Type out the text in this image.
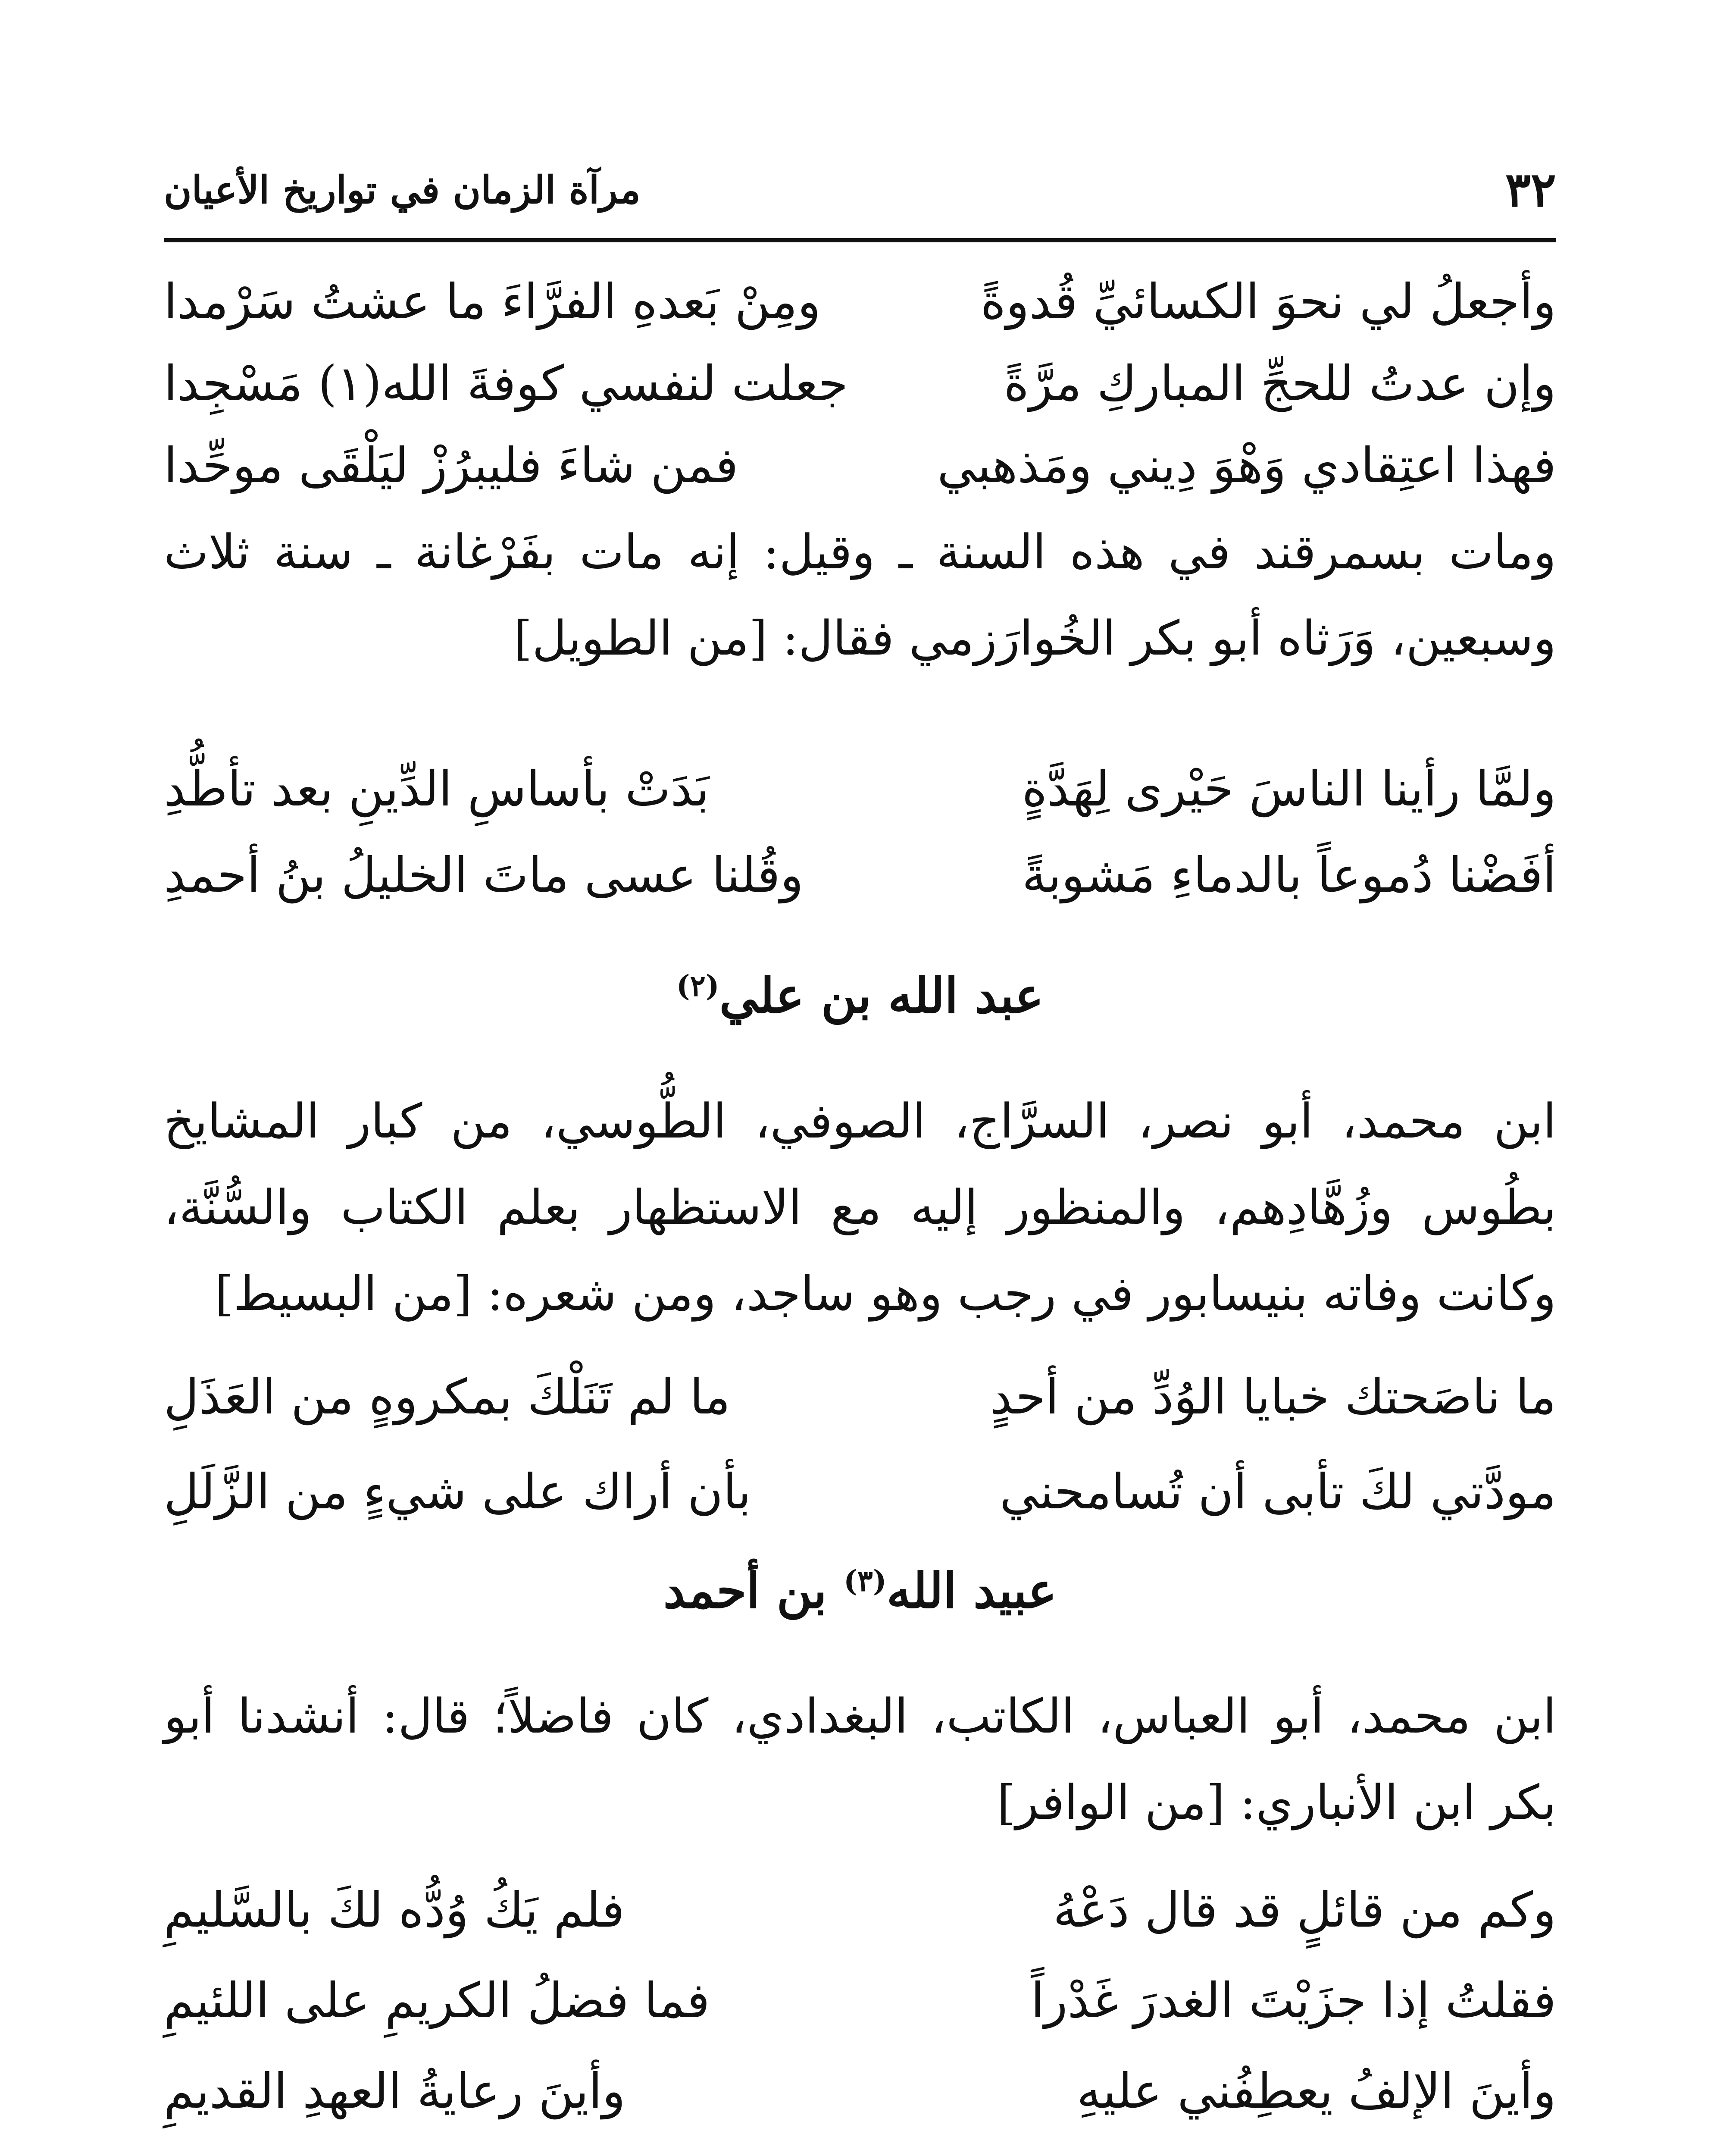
٣٢
مرآة الزمان في تواريخ الأعيان
وأجعلُ لي نحوَ الكسائيِّ قُدوةً
ومِنْ بَعدهِ الفرَّاءَ ما عشتُ سَرْمدا
وإن عدتُ للحجِّ المباركِ مرَّةً
جعلت لنفسي كوفةَ الله(١) مَسْجِدا
فهذا اعتِقادي وَهْوَ دِيني ومَذهبي
فمن شاءَ فليبرُزْ ليَلْقَى موحِّدا
ومات بسمرقند في هذه السنة ـ وقيل: إنه مات بفَرْغانة ـ سنة ثلاث وسبعين، وَرَثاه أبو بكر الخُوارَزمي فقال: [من الطويل]
ولمَّا رأينا الناسَ حَيْرى لِهَدَّةٍ
بَدَتْ بأساسِ الدِّينِ بعد تأطُّدِ
أفَضْنا دُموعاً بالدماءِ مَشوبةً
وقُلنا عسى ماتَ الخليلُ بنُ أحمدِ
عبد الله بن علي$^{(٢)}$
ابن محمد، أبو نصر، السرَّاج، الصوفي، الطُّوسي، من كبار المشايخ بطُوس وزُهَّادِهم، والمنظور إليه مع الاستظهار بعلم الكتاب والسُّنَّة، وكانت وفاته بنيسابور في رجب وهو ساجد، ومن شعره: [من البسيط]
ما ناصَحتك خبايا الوُدِّ من أحدٍ
ما لم تَنَلْكَ بمكروهٍ من العَذَلِ
مودَّتي لكَ تأبى أن تُسامحني
بأن أراك على شيءٍ من الزَّلَلِ
عبيد الله$^{(٣)}$ بن أحمد
ابن محمد، أبو العباس، الكاتب، البغدادي، كان فاضلاً؛ قال: أنشدنا أبو بكر ابن الأنباري: [من الوافر]
وكم من قائلٍ قد قال دَعْهُ
فلم يَكُ وُدُّه لكَ بالسَّليمِ
فقلتُ إذا جزَيْتَ الغدرَ غَدْراً
فما فضلُ الكريمِ على اللئيمِ
وأينَ الإلفُ يعطِفُني عليهِ
وأينَ رعايةُ العهدِ القديمِ
